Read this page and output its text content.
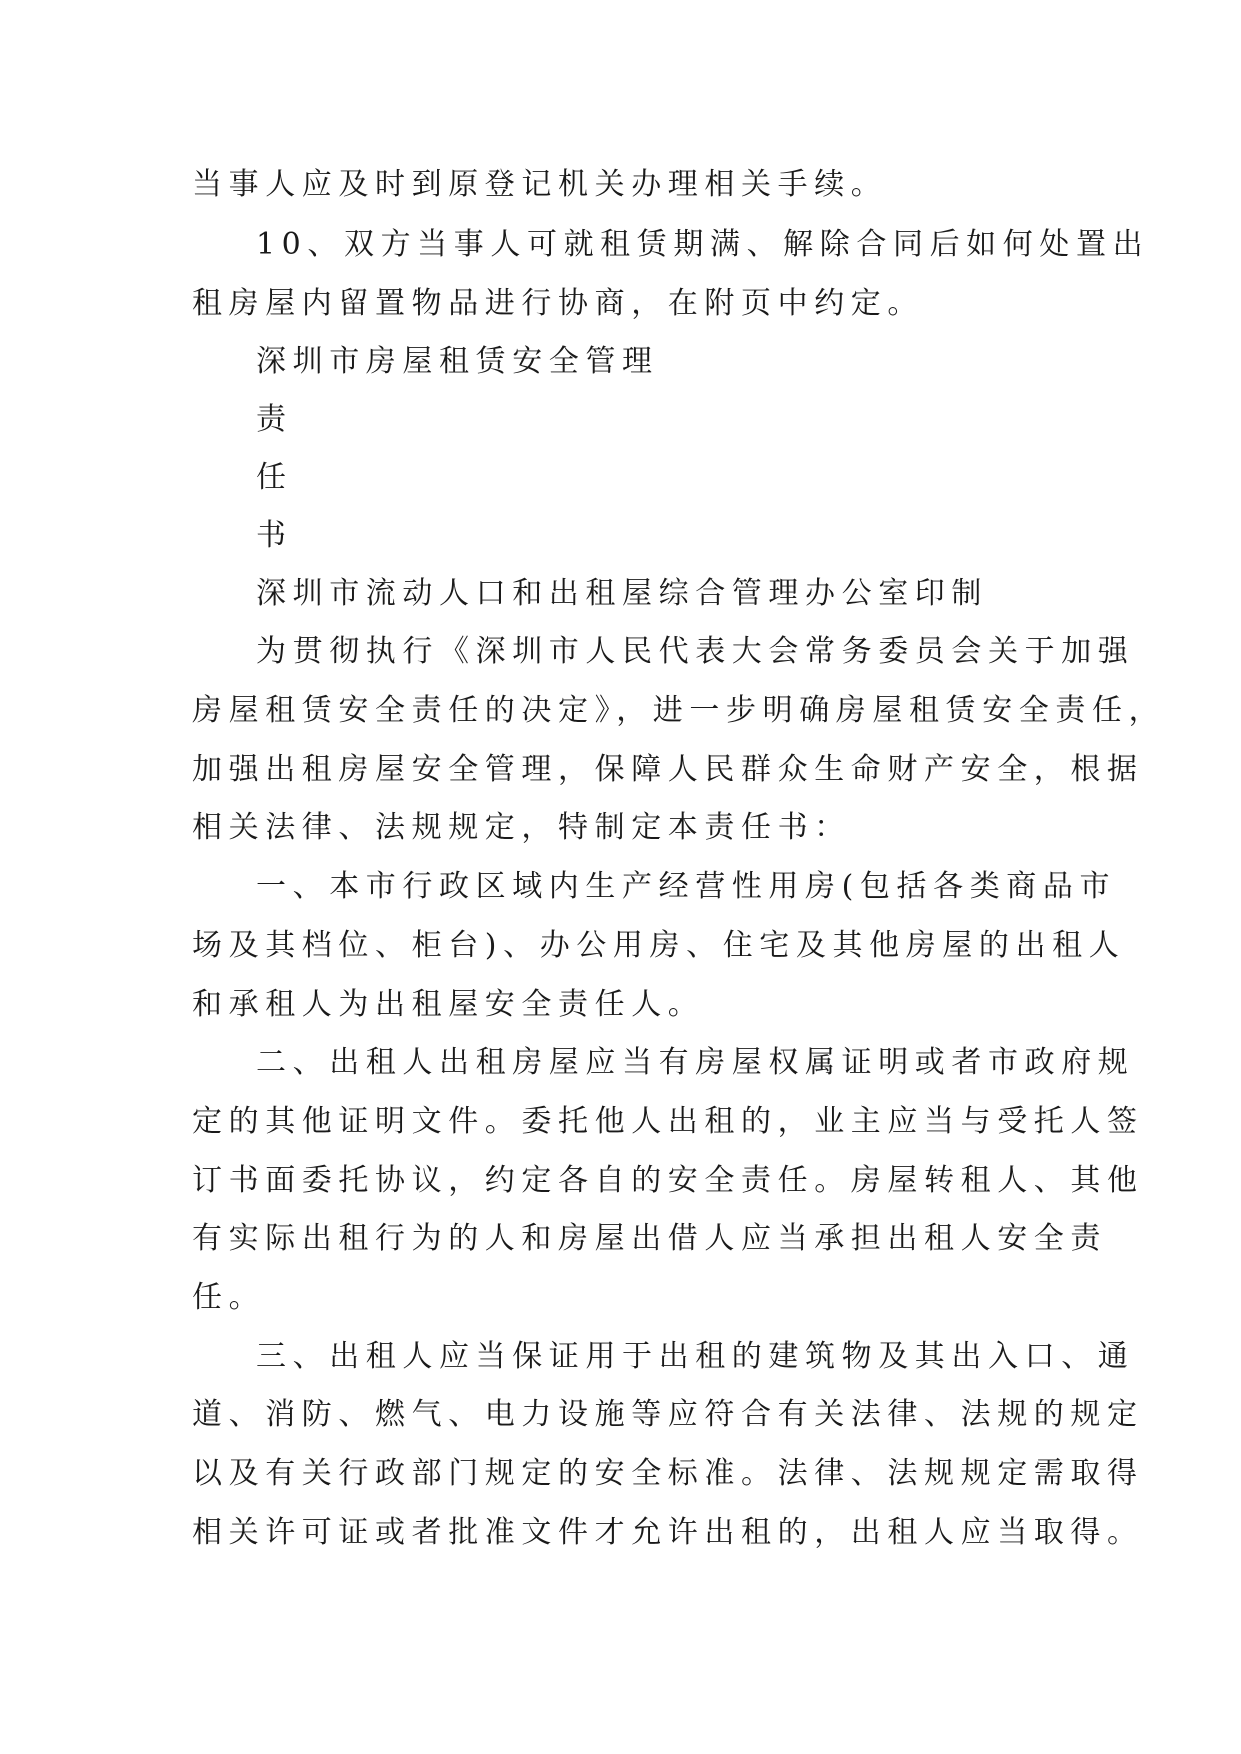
当事人应及时到原登记机关办理相关手续。
10、双方当事人可就租赁期满、解除合同后如何处置出
租房屋内留置物品进行协商，在附页中约定。
深圳市房屋租赁安全管理
责
任
书
深圳市流动人口和出租屋综合管理办公室印制
为贯彻执行《深圳市人民代表大会常务委员会关于加强
房屋租赁安全责任的决定》，进一步明确房屋租赁安全责任，
加强出租房屋安全管理，保障人民群众生命财产安全，根据
相关法律、法规规定，特制定本责任书：
一、本市行政区域内生产经营性用房(包括各类商品市
场及其档位、柜台)、办公用房、住宅及其他房屋的出租人
和承租人为出租屋安全责任人。
二、出租人出租房屋应当有房屋权属证明或者市政府规
定的其他证明文件。委托他人出租的，业主应当与受托人签
订书面委托协议，约定各自的安全责任。房屋转租人、其他
有实际出租行为的人和房屋出借人应当承担出租人安全责
任。
三、出租人应当保证用于出租的建筑物及其出入口、通
道、消防、燃气、电力设施等应符合有关法律、法规的规定
以及有关行政部门规定的安全标准。法律、法规规定需取得
相关许可证或者批准文件才允许出租的，出租人应当取得。
